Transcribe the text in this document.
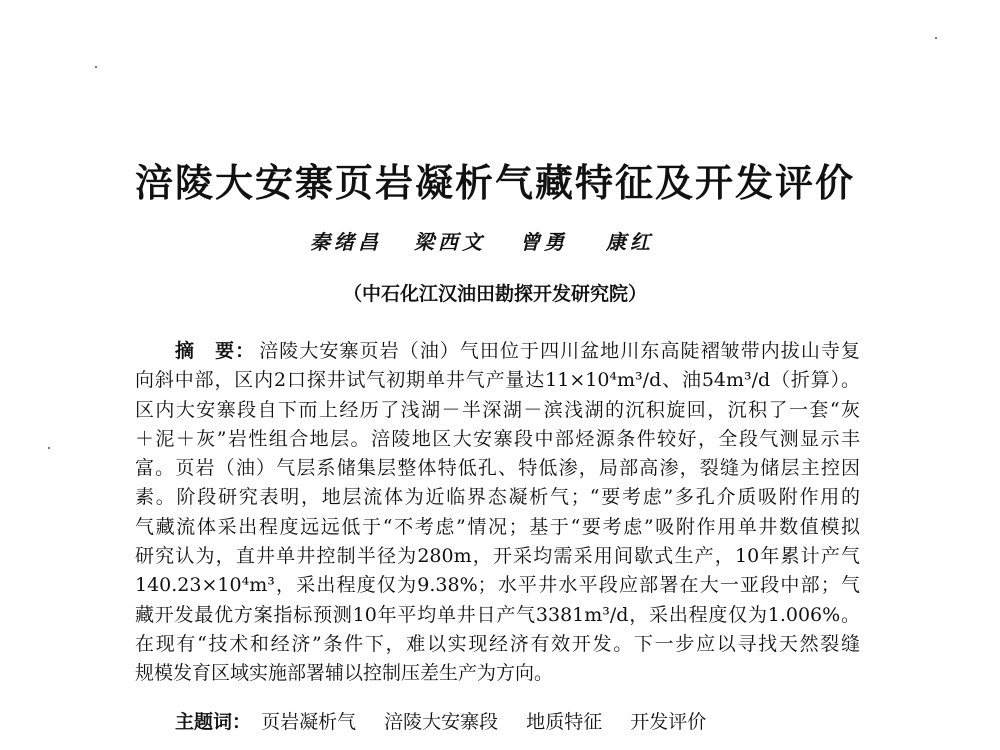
涪陵大安寨页岩凝析气藏特征及开发评价
秦绪昌 梁西文 曾勇 康红
（中石化江汉油田勘探开发研究院）
摘　要： 涪陵大安寨页岩（油）气田位于四川盆地川东高陡褶皱带内拔山寺复
向斜中部，区内2口探井试气初期单井气产量达11×10⁴m³/d、油54m³/d（折算）。
区内大安寨段自下而上经历了浅湖－半深湖－滨浅湖的沉积旋回，沉积了一套“灰
＋泥＋灰”岩性组合地层。涪陵地区大安寨段中部烃源条件较好，全段气测显示丰
富。页岩（油）气层系储集层整体特低孔、特低渗，局部高渗，裂缝为储层主控因
素。阶段研究表明，地层流体为近临界态凝析气；“要考虑”多孔介质吸附作用的
气藏流体采出程度远远低于“不考虑”情况；基于“要考虑”吸附作用单井数值模拟
研究认为，直井单井控制半径为280m，开采均需采用间歇式生产，10年累计产气
140.23×10⁴m³，采出程度仅为9.38%；水平井水平段应部署在大一亚段中部；气
藏开发最优方案指标预测10年平均单井日产气3381m³/d，采出程度仅为1.006%。
在现有“技术和经济”条件下，难以实现经济有效开发。下一步应以寻找天然裂缝
规模发育区域实施部署辅以控制压差生产为方向。
主题词： 页岩凝析气 涪陵大安寨段 地质特征 开发评价
